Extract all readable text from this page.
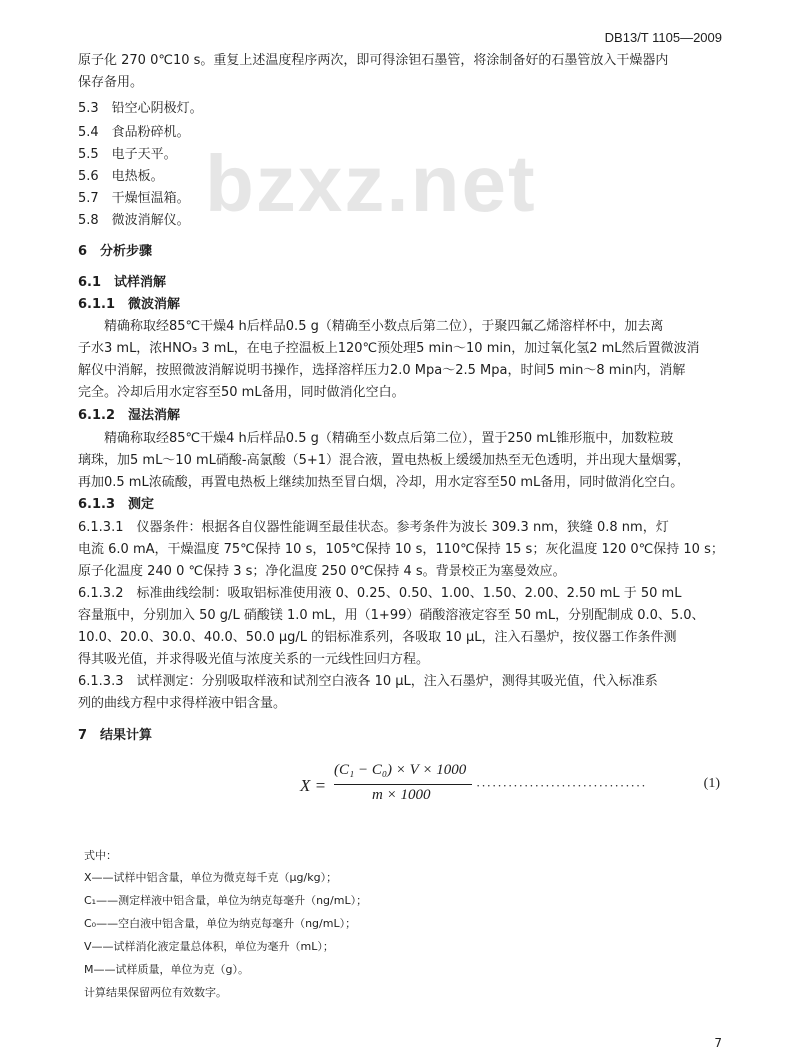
DB13/T 1105—2009
bzxz.net
原子化 270 0℃10 s。重复上述温度程序两次，即可得涂钽石墨管，将涂制备好的石墨管放入干燥器内
保存备用。
5.3　铅空心阴极灯。
5.4　食品粉碎机。
5.5　电子天平。
5.6　电热板。
5.7　干燥恒温箱。
5.8　微波消解仪。
6　分析步骤
6.1　试样消解
6.1.1　微波消解
　　精确称取经85℃干燥4 h后样品0.5 g（精确至小数点后第二位），于聚四氟乙烯溶样杯中，加去离
子水3 mL，浓HNO₃ 3 mL，在电子控温板上120℃预处理5 min～10 min，加过氧化氢2 mL然后置微波消
解仪中消解，按照微波消解说明书操作，选择溶样压力2.0 Mpa～2.5 Mpa，时间5 min～8 min内，消解
完全。冷却后用水定容至50 mL备用，同时做消化空白。
6.1.2　湿法消解
　　精确称取经85℃干燥4 h后样品0.5 g（精确至小数点后第二位），置于250 mL锥形瓶中，加数粒玻
璃珠，加5 mL～10 mL硝酸-高氯酸（5+1）混合液，置电热板上缓缓加热至无色透明，并出现大量烟雾，
再加0.5 mL浓硫酸，再置电热板上继续加热至冒白烟，冷却，用水定容至50 mL备用，同时做消化空白。
6.1.3　测定
6.1.3.1　仪器条件：根据各自仪器性能调至最佳状态。参考条件为波长 309.3 nm，狭缝 0.8 nm，灯
电流 6.0 mA，干燥温度 75℃保持 10 s，105℃保持 10 s，110℃保持 15 s；灰化温度 120 0℃保持 10 s；
原子化温度 240 0 ℃保持 3 s；净化温度 250 0℃保持 4 s。背景校正为塞曼效应。
6.1.3.2　标准曲线绘制：吸取铝标准使用液 0、0.25、0.50、1.00、1.50、2.00、2.50 mL 于 50 mL
容量瓶中，分别加入 50 g/L 硝酸镁 1.0 mL，用（1+99）硝酸溶液定容至 50 mL，分别配制成 0.0、5.0、
10.0、20.0、30.0、40.0、50.0 μg/L 的铝标准系列，各吸取 10 μL，注入石墨炉，按仪器工作条件测
得其吸光值，并求得吸光值与浓度关系的一元线性回归方程。
6.1.3.3　试样测定：分别吸取样液和试剂空白液各 10 μL，注入石墨炉，测得其吸光值，代入标准系
列的曲线方程中求得样液中铝含量。
7　结果计算
X =
(C₁ − C₀) × V × 1000
m × 1000
································	(1)
式中：
X——试样中铝含量，单位为微克每千克（μg/kg）；
C₁——测定样液中铝含量，单位为纳克每毫升（ng/mL）；
C₀——空白液中铝含量，单位为纳克每毫升（ng/mL）；
V——试样消化液定量总体积，单位为毫升（mL）；
M——试样质量，单位为克（g）。
计算结果保留两位有效数字。
7
